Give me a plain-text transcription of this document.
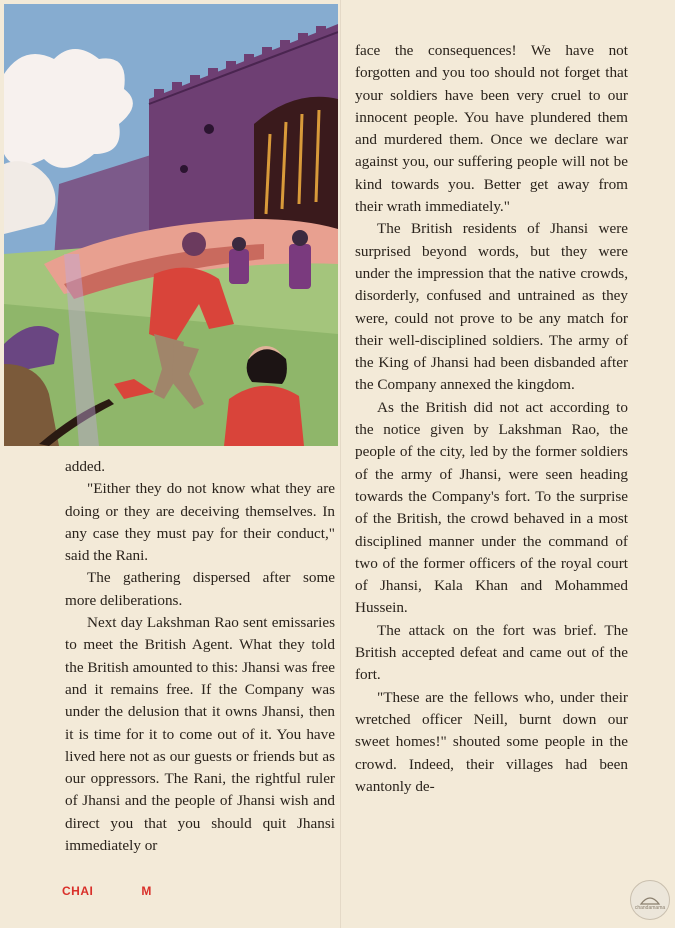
added.

"Either they do not know what they are doing or they are deceiving themselves. In any case they must pay for their conduct," said the Rani.

The gathering dispersed after some more deliberations.

Next day Lakshman Rao sent emissaries to meet the British Agent. What they told the British amounted to this: Jhansi was free and it remains free. If the Company was under the delusion that it owns Jhansi, then it is time for it to come out of it. You have lived here not as our guests or friends but as our oppressors. The Rani, the rightful ruler of Jhansi and the people of Jhansi wish and direct you that you should quit Jhansi immediately or

face the consequences! We have not forgotten and you too should not forget that your soldiers have been very cruel to our innocent people. You have plundered them and murdered them. Once we declare war against you, our suffering people will not be kind towards you. Better get away from their wrath immediately."

The British residents of Jhansi were surprised beyond words, but they were under the impression that the native crowds, disorderly, confused and untrained as they were, could not prove to be any match for their well-disciplined soldiers. The army of the King of Jhansi had been disbanded after the Company annexed the kingdom.

As the British did not act according to the notice given by Lakshman Rao, the people of the city, led by the former soldiers of the army of Jhansi, were seen heading towards the Company's fort. To the surprise of the British, the crowd behaved in a most disciplined manner under the command of two of the former officers of the royal court of Jhansi, Kala Khan and Mohammed Hussein.

The attack on the fort was brief. The British accepted defeat and came out of the fort.

"These are the fellows who, under their wretched officer Neill, burnt down our sweet homes!" shouted some people in the crowd. Indeed, their villages had been wantonly de-

CHAI	M
chandamama
